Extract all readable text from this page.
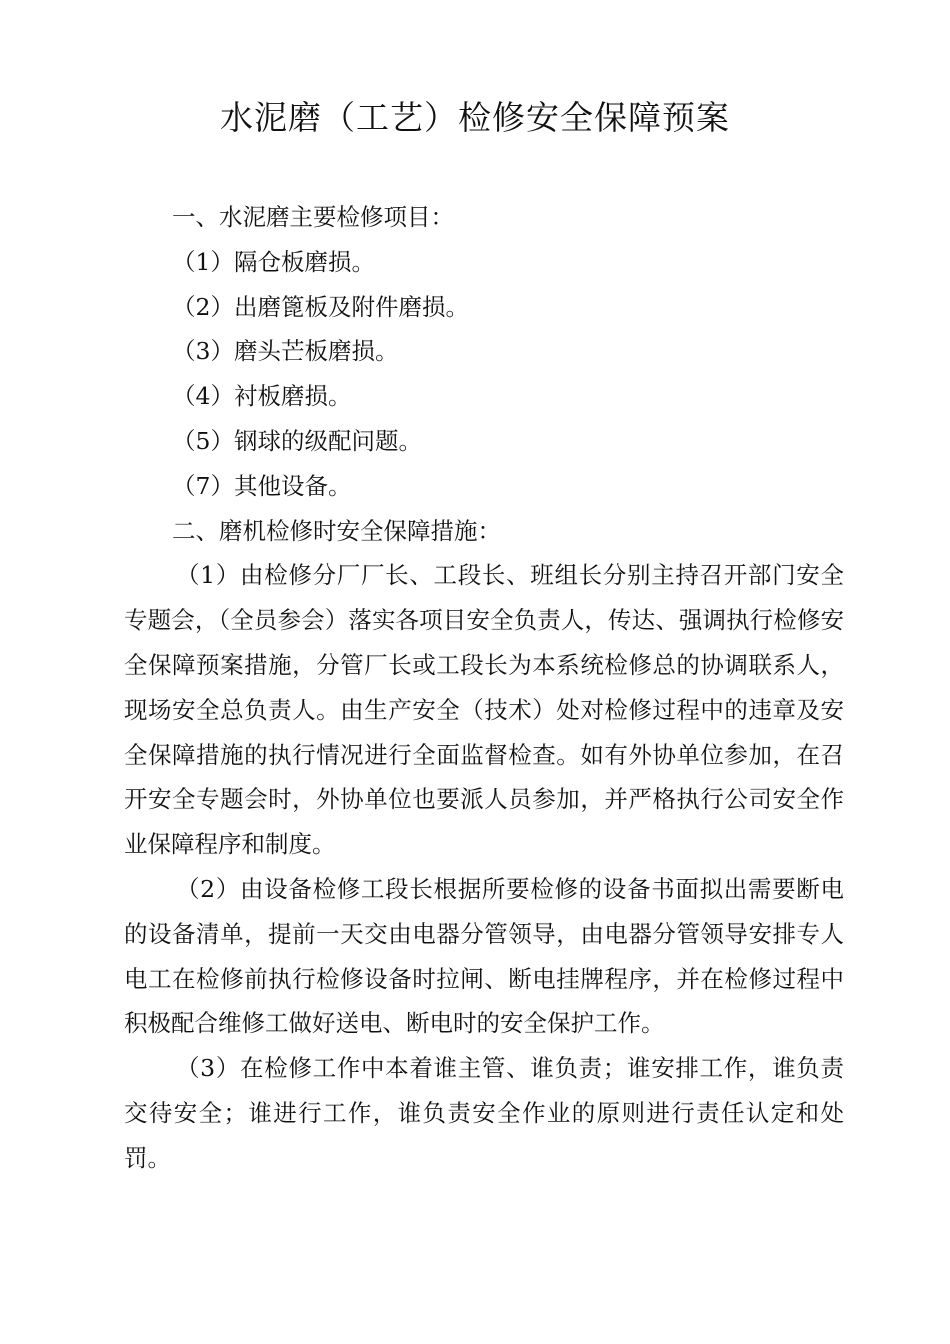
水泥磨（工艺）检修安全保障预案

一、水泥磨主要检修项目：

（1）隔仓板磨损。

（2）出磨篦板及附件磨损。

（3）磨头芒板磨损。

（4）衬板磨损。

（5）钢球的级配问题。

（7）其他设备。

二、磨机检修时安全保障措施：

（1）由检修分厂厂长、工段长、班组长分别主持召开部门安全专题会，（全员参会）落实各项目安全负责人，传达、强调执行检修安全保障预案措施，分管厂长或工段长为本系统检修总的协调联系人，现场安全总负责人。由生产安全（技术）处对检修过程中的违章及安全保障措施的执行情况进行全面监督检查。如有外协单位参加，在召开安全专题会时，外协单位也要派人员参加，并严格执行公司安全作业保障程序和制度。

（2）由设备检修工段长根据所要检修的设备书面拟出需要断电的设备清单，提前一天交由电器分管领导，由电器分管领导安排专人电工在检修前执行检修设备时拉闸、断电挂牌程序，并在检修过程中积极配合维修工做好送电、断电时的安全保护工作。

（3）在检修工作中本着谁主管、谁负责；谁安排工作，谁负责交待安全；谁进行工作，谁负责安全作业的原则进行责任认定和处罚。
